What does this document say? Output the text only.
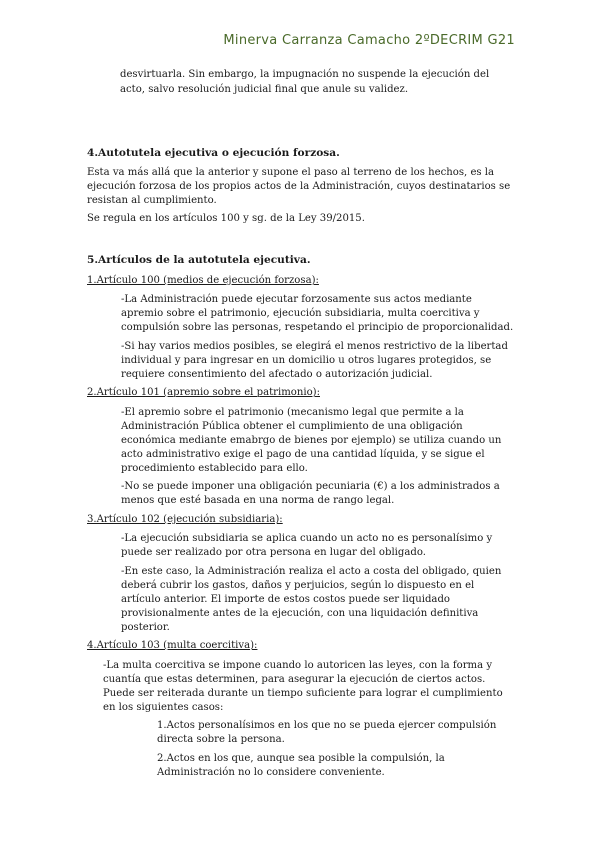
Minerva Carranza Camacho 2ºDECRIM G21

desvirtuarla. Sin embargo, la impugnación no suspende la ejecución del

acto, salvo resolución judicial final que anule su validez.

4.Autotutela ejecutiva o ejecución forzosa.

Esta va más allá que la anterior y supone el paso al terreno de los hechos, es la

ejecución forzosa de los propios actos de la Administración, cuyos destinatarios se

resistan al cumplimiento.

Se regula en los artículos 100 y sg. de la Ley 39/2015.

5.Artículos de la autotutela ejecutiva.

1.Artículo 100 (medios de ejecución forzosa):

-La Administración puede ejecutar forzosamente sus actos mediante

apremio sobre el patrimonio, ejecución subsidiaria, multa coercitiva y

compulsión sobre las personas, respetando el principio de proporcionalidad.

-Si hay varios medios posibles, se elegirá el menos restrictivo de la libertad

individual y para ingresar en un domicilio u otros lugares protegidos, se

requiere consentimiento del afectado o autorización judicial.

2.Artículo 101 (apremio sobre el patrimonio):

-El apremio sobre el patrimonio (mecanismo legal que permite a la

Administración Pública obtener el cumplimiento de una obligación

económica mediante emabrgo de bienes por ejemplo) se utiliza cuando un

acto administrativo exige el pago de una cantidad líquida, y se sigue el

procedimiento establecido para ello.

-No se puede imponer una obligación pecuniaria (€) a los administrados a

menos que esté basada en una norma de rango legal.

3.Artículo 102 (ejecución subsidiaria):

-La ejecución subsidiaria se aplica cuando un acto no es personalísimo y

puede ser realizado por otra persona en lugar del obligado.

-En este caso, la Administración realiza el acto a costa del obligado, quien

deberá cubrir los gastos, daños y perjuicios, según lo dispuesto en el

artículo anterior. El importe de estos costos puede ser liquidado

provisionalmente antes de la ejecución, con una liquidación definitiva

posterior.

4.Artículo 103 (multa coercitiva):

-La multa coercitiva se impone cuando lo autoricen las leyes, con la forma y

cuantía que estas determinen, para asegurar la ejecución de ciertos actos.

Puede ser reiterada durante un tiempo suficiente para lograr el cumplimiento

en los siguientes casos:

1.Actos personalísimos en los que no se pueda ejercer compulsión

directa sobre la persona.

2.Actos en los que, aunque sea posible la compulsión, la

Administración no lo considere conveniente.
